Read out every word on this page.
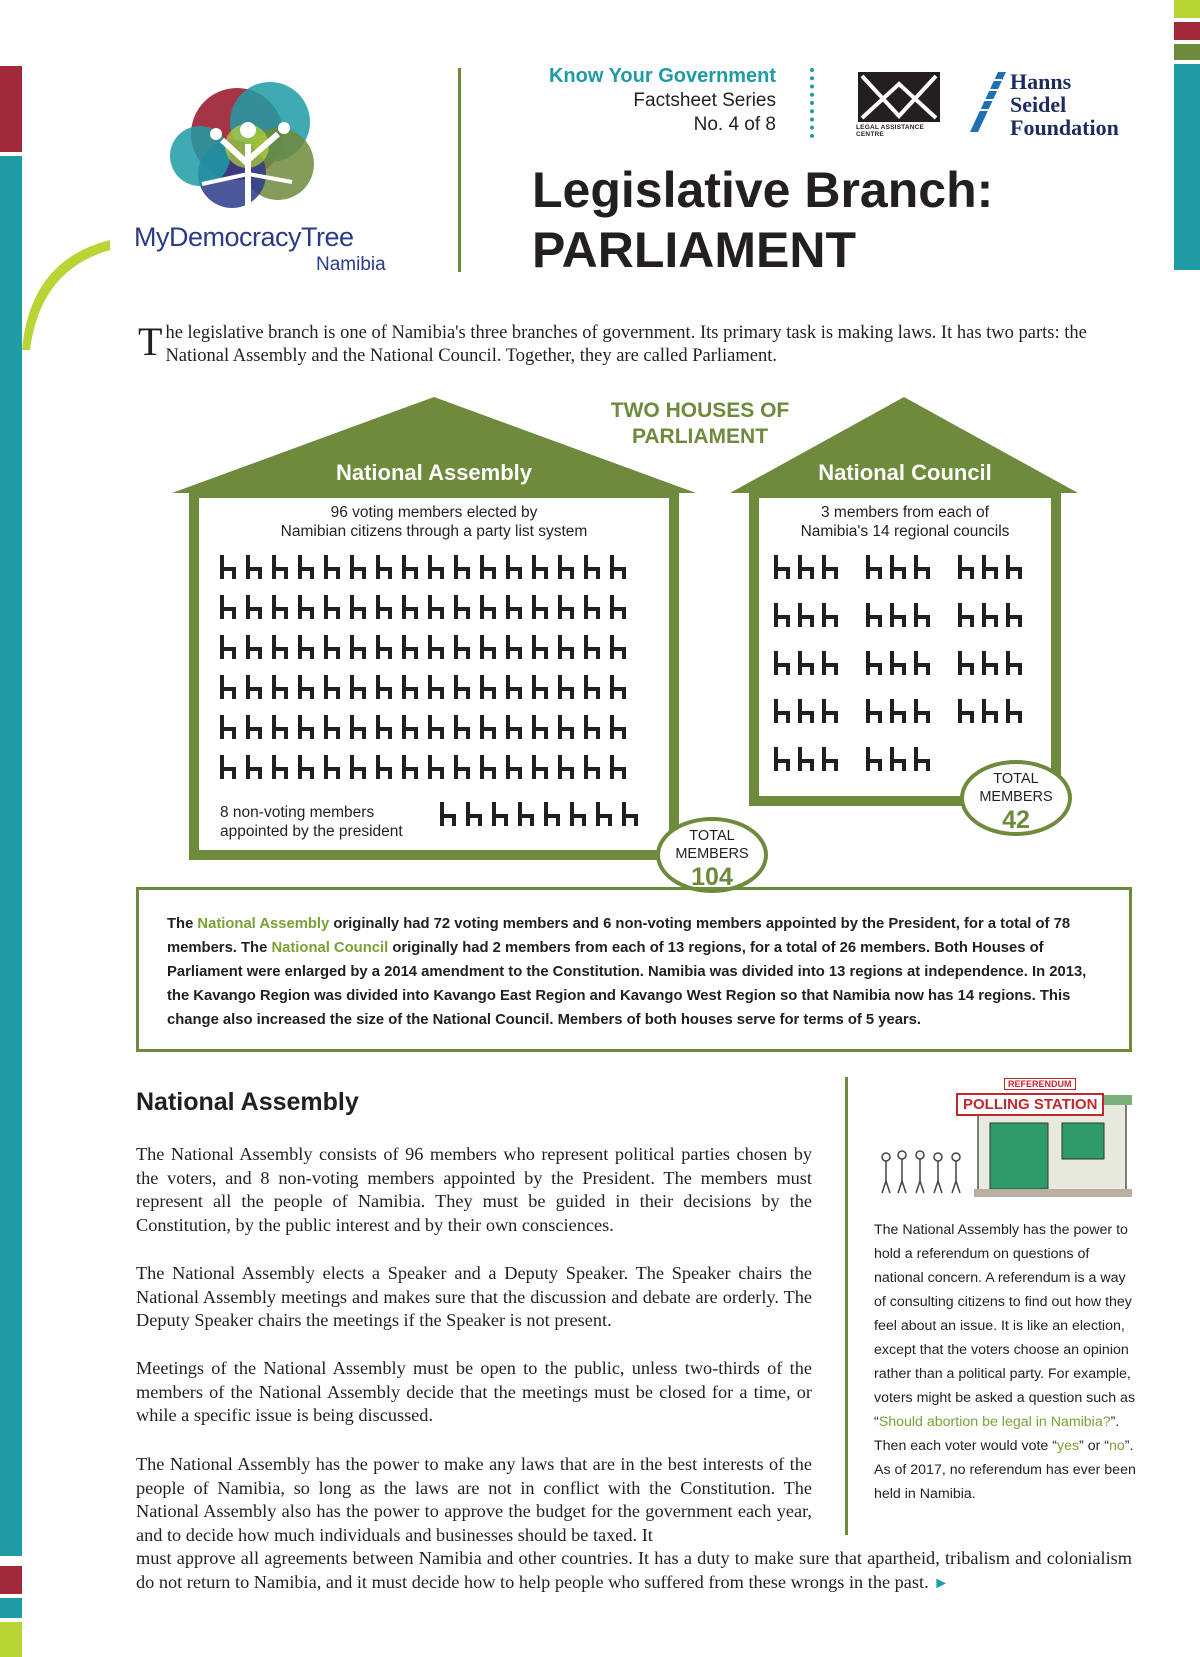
MyDemocracyTree
Namibia
Know Your Government
Factsheet Series
No. 4 of 8	LEGAL ASSISTANCE CENTRE
Hanns
Seidel
Foundation
Legislative Branch:
PARLIAMENT
The legislative branch is one of Namibia's three branches of government. Its primary task is making laws. It has two parts: the National Assembly and the National Council. Together, they are called Parliament.
TWO HOUSES OF
PARLIAMENT
National Assembly	National Council
96 voting members elected by
Namibian citizens through a party list system
3 members from each of
Namibia's 14 regional councils
8 non-voting members
appointed by the president	TOTAL
MEMBERS
104
TOTAL
MEMBERS
42
The National Assembly originally had 72 voting members and 6 non-voting members appointed by the President, for a total of 78 members. The National Council originally had 2 members from each of 13 regions, for a total of 26 members. Both Houses of Parliament were enlarged by a 2014 amendment to the Constitution. Namibia was divided into 13 regions at independence. In 2013, the Kavango Region was divided into Kavango East Region and Kavango West Region so that Namibia now has 14 regions. This change also increased the size of the National Council. Members of both houses serve for terms of 5 years.
National Assembly
The National Assembly consists of 96 members who represent political parties chosen by the voters, and 8 non-voting members appointed by the President. The members must represent all the people of Namibia. They must be guided in their decisions by the Constitution, by the public interest and by their own consciences.
The National Assembly elects a Speaker and a Deputy Speaker. The Speaker chairs the National Assembly meetings and makes sure that the discussion and debate are orderly. The Deputy Speaker chairs the meetings if the Speaker is not present.
Meetings of the National Assembly must be open to the public, unless two-thirds of the members of the National Assembly decide that the meetings must be closed for a time, or while a specific issue is being discussed.
The National Assembly has the power to make any laws that are in the best interests of the people of Namibia, so long as the laws are not in conflict with the Constitution. The National Assembly also has the power to approve the budget for the government each year, and to decide how much individuals and businesses should be taxed. It
must approve all agreements between Namibia and other countries. It has a duty to make sure that apartheid, tribalism and colonialism do not return to Namibia, and it must decide how to help people who suffered from these wrongs in the past. ►
REFERENDUM
POLLING STATION
The National Assembly has the power to hold a referendum on questions of national concern. A referendum is a way of consulting citizens to find out how they feel about an issue. It is like an election, except that the voters choose an opinion rather than a political party. For example, voters might be asked a question such as “Should abortion be legal in Namibia?”. Then each voter would vote “yes” or “no”. As of 2017, no referendum has ever been held in Namibia.
